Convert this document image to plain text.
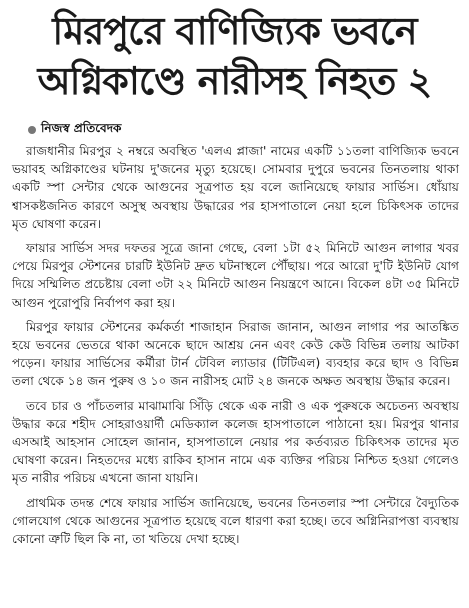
মিরপুরে বাণিজ্যিক ভবনে
অগ্নিকাণ্ডে নারীসহ নিহত ২
নিজস্ব প্রতিবেদক

রাজধানীর মিরপুর ২ নম্বরে অবস্থিত 'এলএ প্লাজা' নামের একটি ১১তলা বাণিজ্যিক ভবনে ভয়াবহ অগ্নিকাণ্ডের ঘটনায় দু'জনের মৃত্যু হয়েছে। সোমবার দুপুরে ভবনের তিনতলায় থাকা একটি স্পা সেন্টার থেকে আগুনের সূত্রপাত হয় বলে জানিয়েছে ফায়ার সার্ভিস। ধোঁয়ায় শ্বাসকষ্টজনিত কারণে অসুস্থ অবস্থায় উদ্ধারের পর হাসপাতালে নেয়া হলে চিকিৎসক তাদের মৃত ঘোষণা করেন।

ফায়ার সার্ভিস সদর দফতর সূত্রে জানা গেছে, বেলা ১টা ৫২ মিনিটে আগুন লাগার খবর পেয়ে মিরপুর স্টেশনের চারটি ইউনিট দ্রুত ঘটনাস্থলে পৌঁছায়। পরে আরো দু'টি ইউনিট যোগ দিয়ে সম্মিলিত প্রচেষ্টায় বেলা ৩টা ২২ মিনিটে আগুন নিয়ন্ত্রণে আনে। বিকেল ৪টা ৩৫ মিনিটে আগুন পুরোপুরি নির্বাপণ করা হয়।

মিরপুর ফায়ার স্টেশনের কর্মকর্তা শাজাহান সিরাজ জানান, আগুন লাগার পর আতঙ্কিত হয়ে ভবনের ভেতরে থাকা অনেকে ছাদে আশ্রয় নেন এবং কেউ কেউ বিভিন্ন তলায় আটকা পড়েন। ফায়ার সার্ভিসের কর্মীরা টার্ন টেবিল ল্যাডার (টিটিএল) ব্যবহার করে ছাদ ও বিভিন্ন তলা থেকে ১৪ জন পুরুষ ও ১০ জন নারীসহ মোট ২৪ জনকে অক্ষত অবস্থায় উদ্ধার করেন।

তবে চার ও পাঁচতলার মাঝামাঝি সিঁড়ি থেকে এক নারী ও এক পুরুষকে অচেতন্য অবস্থায় উদ্ধার করে শহীদ সোহরাওয়ার্দী মেডিক্যাল কলেজ হাসপাতালে পাঠানো হয়। মিরপুর থানার এসআই আহসান সোহেল জানান, হাসপাতালে নেয়ার পর কর্তব্যরত চিকিৎসক তাদের মৃত ঘোষণা করেন। নিহতদের মধ্যে রাকিব হাসান নামে এক ব্যক্তির পরিচয় নিশ্চিত হওয়া গেলেও মৃত নারীর পরিচয় এখনো জানা যায়নি।

প্রাথমিক তদন্ত শেষে ফায়ার সার্ভিস জানিয়েছে, ভবনের তিনতলার স্পা সেন্টারে বৈদ্যুতিক গোলযোগ থেকে আগুনের সূত্রপাত হয়েছে বলে ধারণা করা হচ্ছে। তবে অগ্নিনিরাপত্তা ব্যবস্থায় কোনো ত্রুটি ছিল কি না, তা খতিয়ে দেখা হচ্ছে।
